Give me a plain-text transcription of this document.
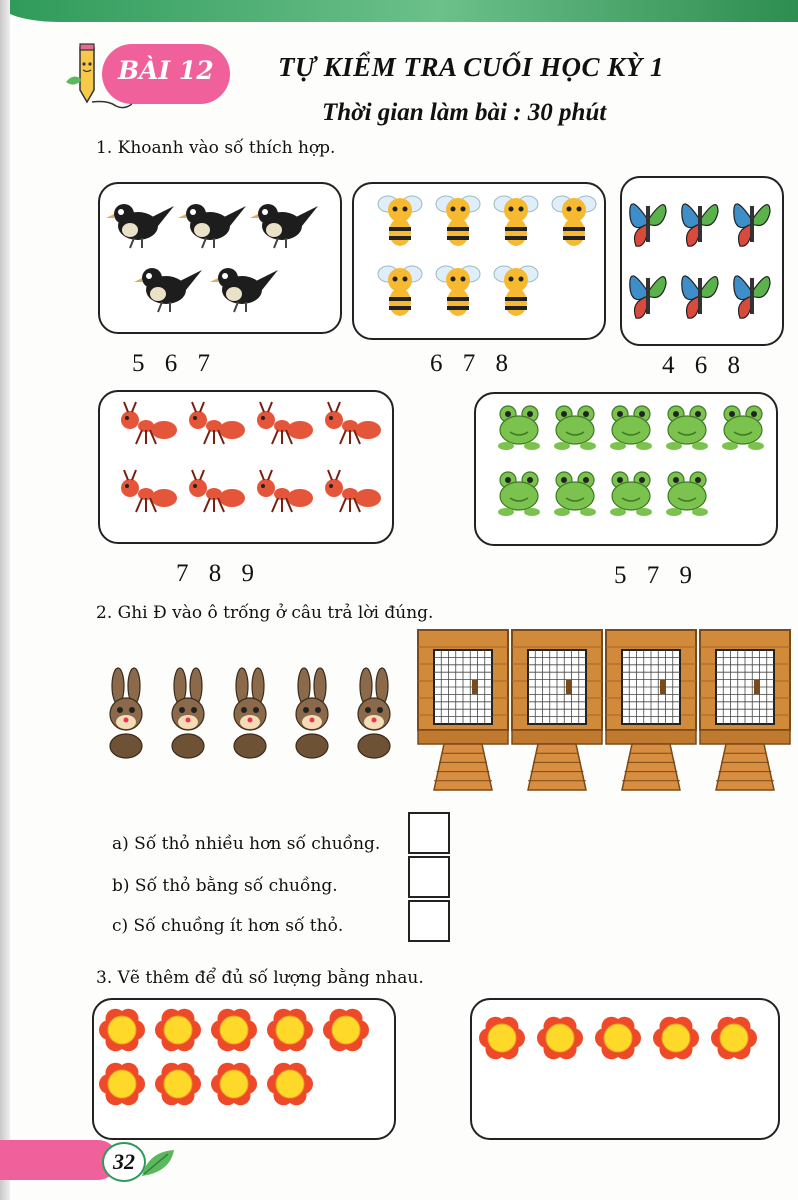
BÀI 12 TỰ KIỂM TRA CUỐI HỌC KỲ 1
Thời gian làm bài : 30 phút
1. Khoanh vào số thích hợp.
5 6 7	6 7 8	4 6 8
7 8 9	5 7 9
2. Ghi Đ vào ô trống ở câu trả lời đúng.
a) Số thỏ nhiều hơn số chuồng.
b) Số thỏ bằng số chuồng.
c) Số chuồng ít hơn số thỏ.
3. Vẽ thêm để đủ số lượng bằng nhau.
32
